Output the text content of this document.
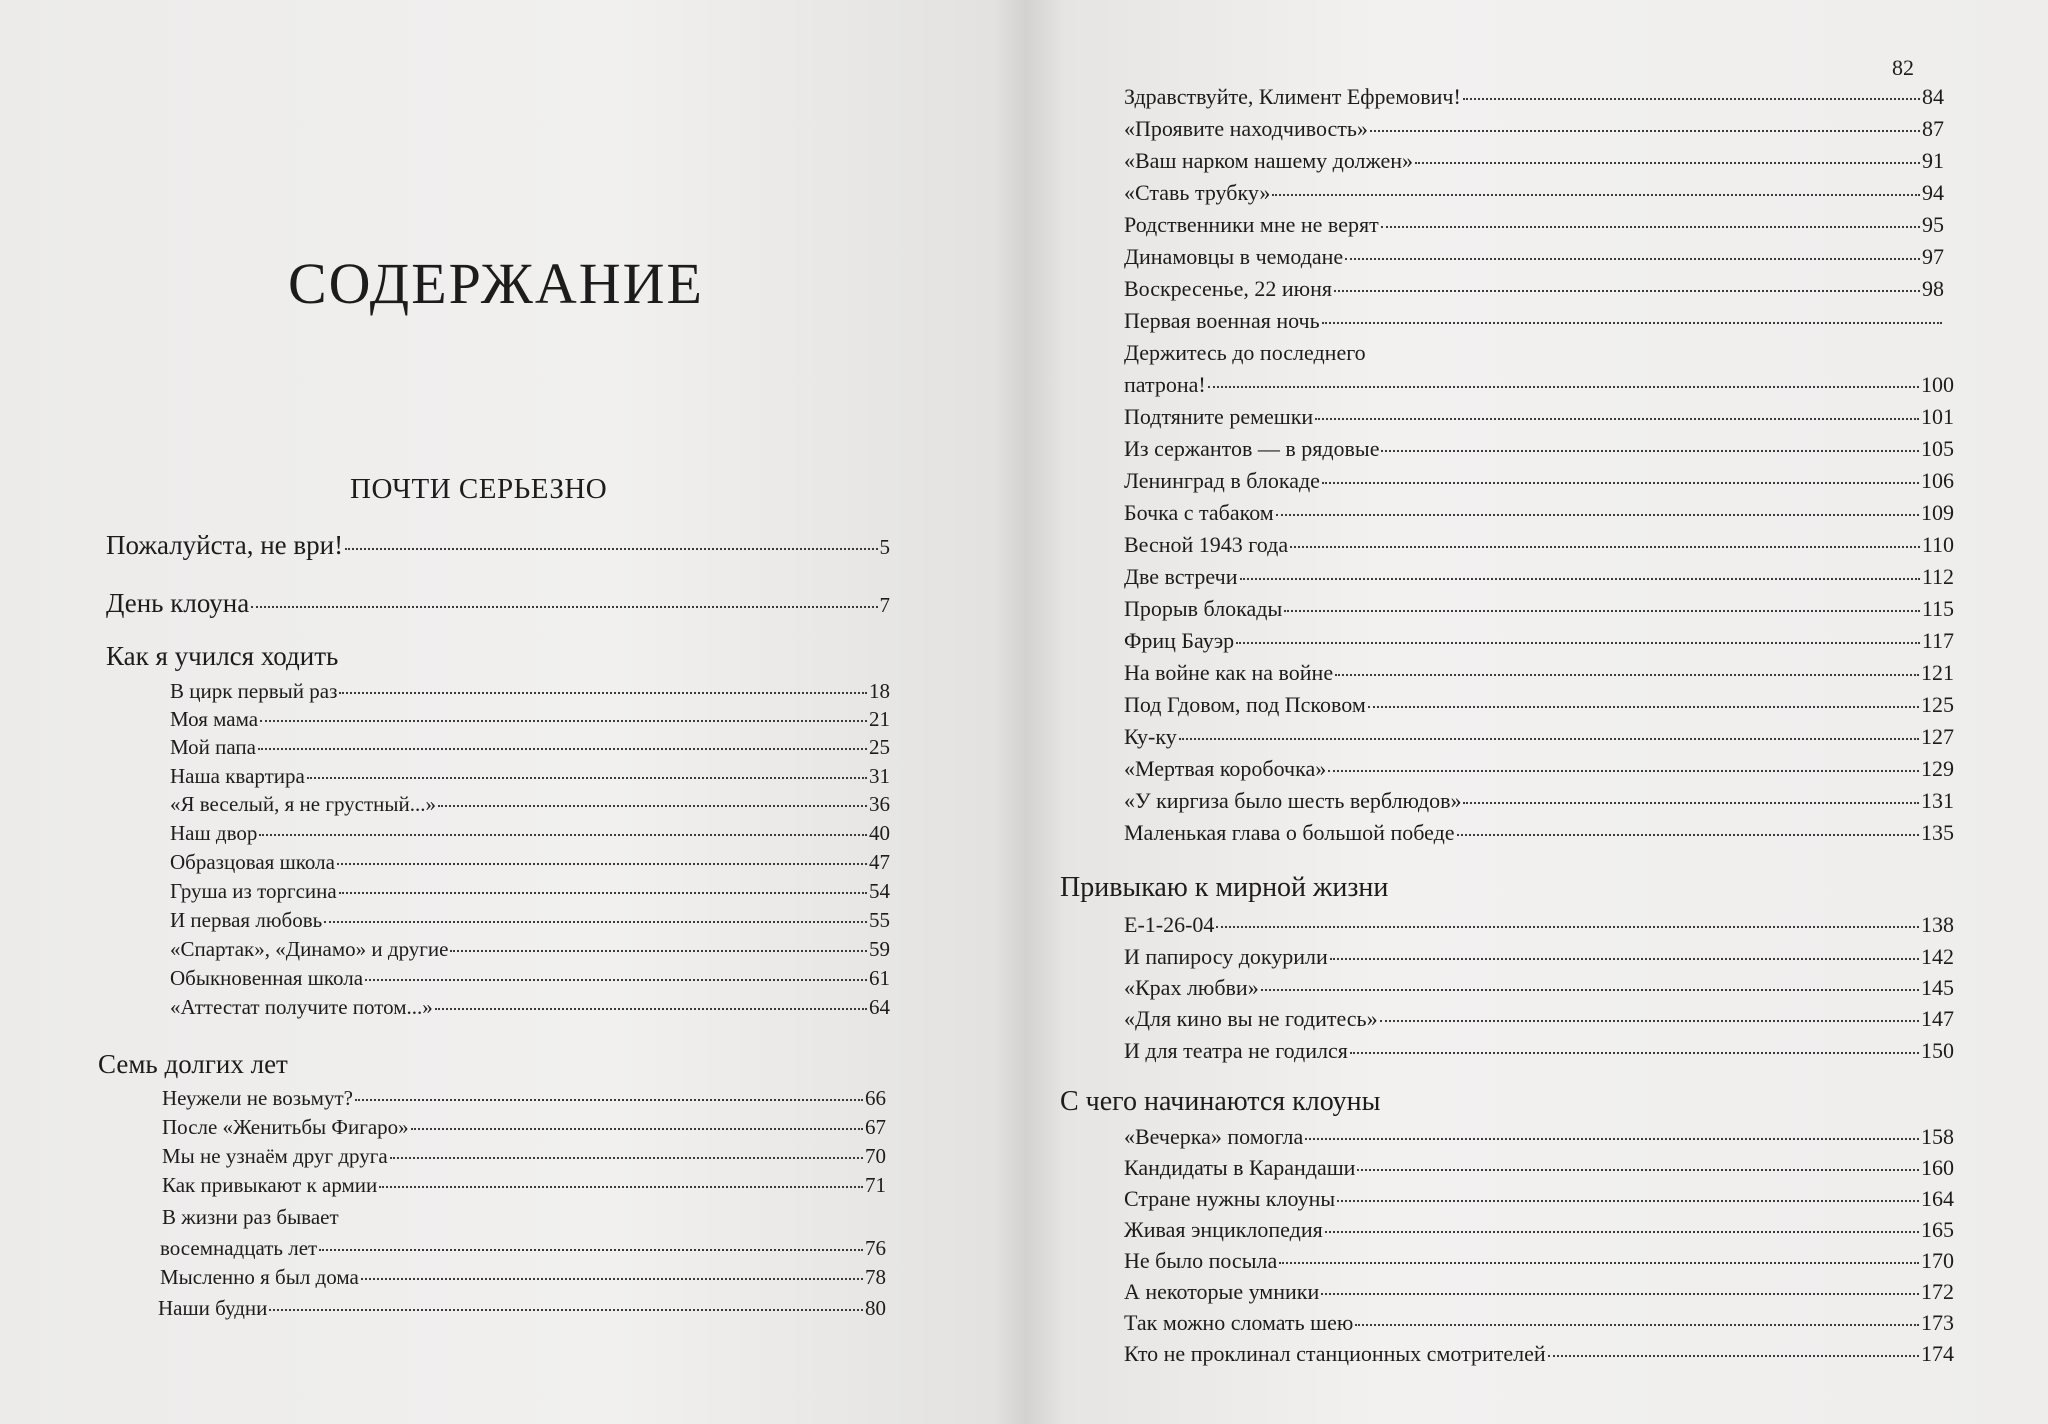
СОДЕРЖАНИЕ
ПОЧТИ СЕРЬЕЗНО
Пожалуйста, не ври!	5
День клоуна	7
Как я учился ходить
В цирк первый раз	18
Моя мама	21
Мой папа	25
Наша квартира	31
«Я веселый, я не грустный...»	36
Наш двор	40
Образцовая школа	47
Груша из торгсина	54
И первая любовь	55
«Спартак», «Динамо» и другие	59
Обыкновенная школа	61
«Аттестат получите потом...»	64
Семь долгих лет
Неужели не возьмут?	66
После «Женитьбы Фигаро»	67
Мы не узнаём друг друга	70
Как привыкают к армии	71
В жизни раз бывает
восемнадцать лет	76
Мысленно я был дома	78
Наши будни	80
82
Здравствуйте, Климент Ефремович!	84
«Проявите находчивость»	87
«Ваш нарком нашему должен»	91
«Ставь трубку»	94
Родственники мне не верят	95
Динамовцы в чемодане	97
Воскресенье, 22 июня	98
Первая военная ночь
Держитесь до последнего
патрона!	100
Подтяните ремешки	101
Из сержантов — в рядовые	105
Ленинград в блокаде	106
Бочка с табаком	109
Весной 1943 года	110
Две встречи	112
Прорыв блокады	115
Фриц Бауэр	117
На войне как на войне	121
Под Гдовом, под Псковом	125
Ку-ку	127
«Мертвая коробочка»	129
«У киргиза было шесть верблюдов»	131
Маленькая глава о большой победе	135
Привыкаю к мирной жизни
Е-1-26-04	138
И папиросу докурили	142
«Крах любви»	145
«Для кино вы не годитесь»	147
И для театра не годился	150
С чего начинаются клоуны
«Вечерка» помогла	158
Кандидаты в Карандаши	160
Стране нужны клоуны	164
Живая энциклопедия	165
Не было посыла	170
А некоторые умники	172
Так можно сломать шею	173
Кто не проклинал станционных смотрителей	174
